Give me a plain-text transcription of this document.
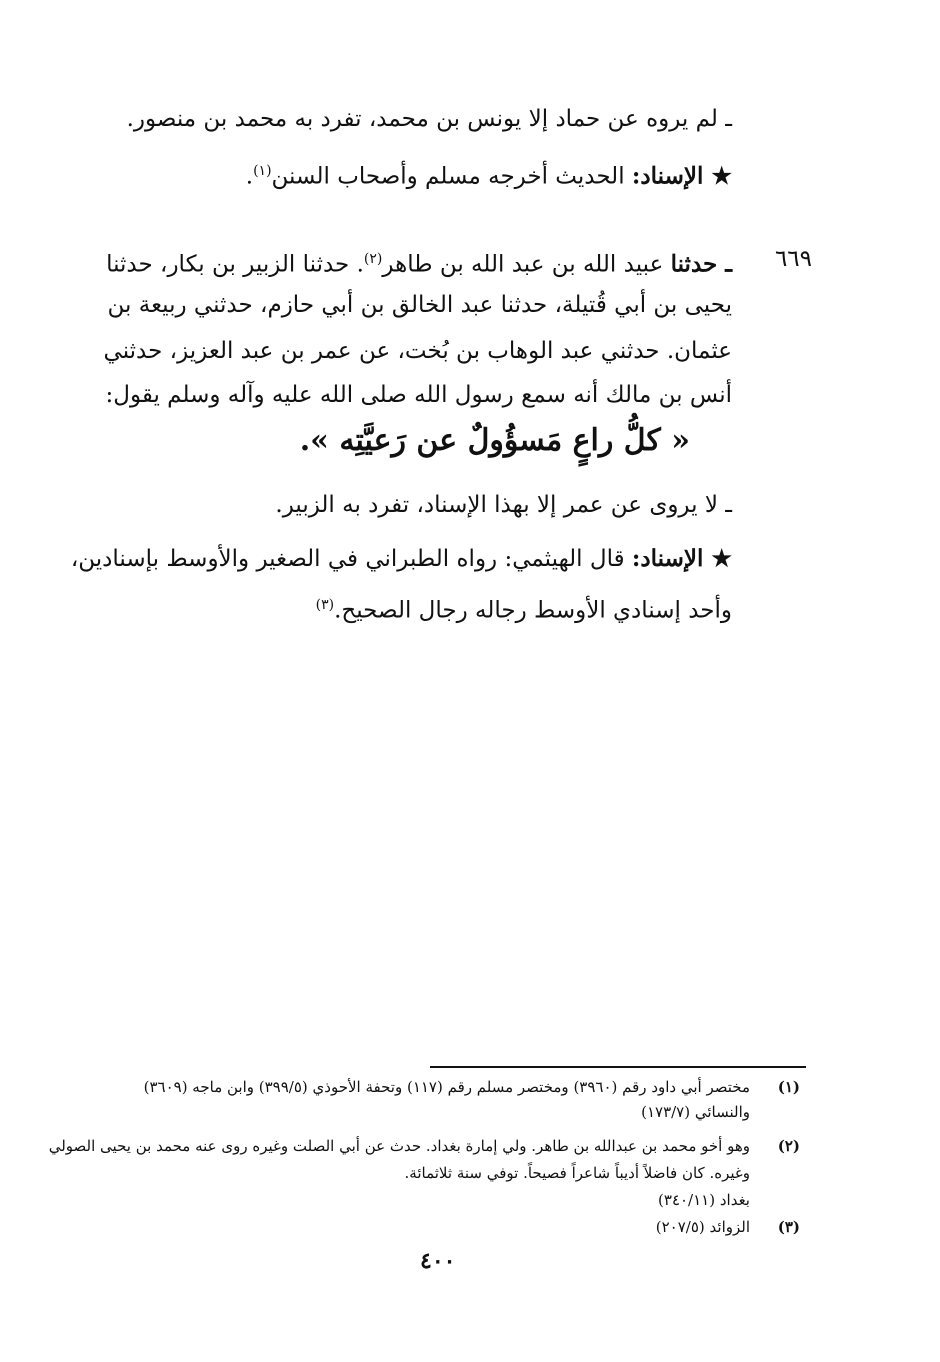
ـ لم يروه عن حماد إلا يونس بن محمد، تفرد به محمد بن منصور.
★ الإسناد: الحديث أخرجه مسلم وأصحاب السنن$^{(١)}$.
٦٦٩
ـ حدثنا عبيد الله بن عبد الله بن طاهر$^{(٢)}$. حدثنا الزبير بن بكار، حدثنا
يحيى بن أبي قُتيلة، حدثنا عبد الخالق بن أبي حازم، حدثني ربيعة بن
عثمان. حدثني عبد الوهاب بن بُخت، عن عمر بن عبد العزيز، حدثني
أنس بن مالك أنه سمع رسول الله صلى الله عليه وآله وسلم يقول:
« كلُّ راعٍ مَسؤُولٌ عن رَعيَّتِه ».
ـ لا يروى عن عمر إلا بهذا الإسناد، تفرد به الزبير.
★ الإسناد: قال الهيثمي: رواه الطبراني في الصغير والأوسط بإسنادين،
وأحد إسنادي الأوسط رجاله رجال الصحيح.$^{(٣)}$
(١)
مختصر أبي داود رقم (٣٩٦٠) ومختصر مسلم رقم (١١٧) وتحفة الأحوذي (٣٩٩/٥) وابن ماجه (٣٦٠٩)
والنسائي (١٧٣/٧)
(٢)
وهو أخو محمد بن عبدالله بن طاهر. ولي إمارة بغداد. حدث عن أبي الصلت وغيره روى عنه محمد بن يحيى الصولي
وغيره. كان فاضلاً أديباً شاعراً فصيحاً. توفي سنة ثلاثمائة.
بغداد (٣٤٠/١١)
(٣)
الزوائد (٢٠٧/٥)
٤٠٠
